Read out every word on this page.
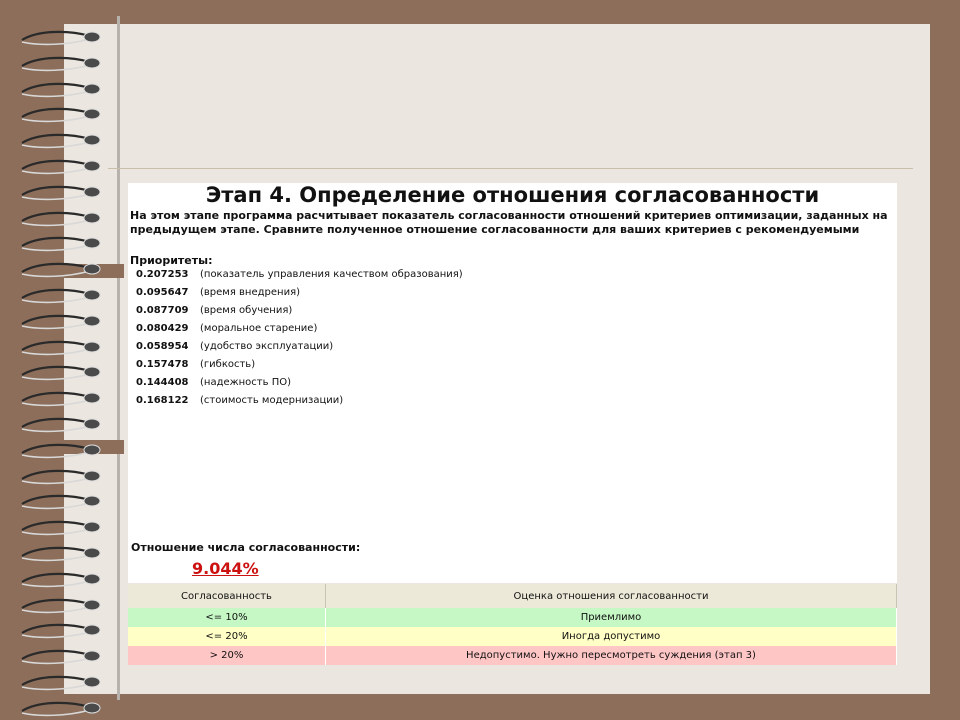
Этап 4. Определение отношения согласованности
На этом этапе программа расчитывает показатель согласованности отношений критериев оптимизации, заданных на предыдущем этапе. Сравните полученное отношение согласованности для ваших критериев с рекомендуемыми
Приоритеты:
0.207253 (показатель управления качеством образования)
0.095647 (время внедрения)
0.087709 (время обучения)
0.080429 (моральное старение)
0.058954 (удобство эксплуатации)
0.157478 (гибкость)
0.144408 (надежность ПО)
0.168122 (стоимость модернизации)
Отношение числа согласованности:
9.044%
Согласованность	Оценка отношения согласованности
<= 10%	Приемлимо
<= 20%	Иногда допустимо
> 20%	Недопустимо. Нужно пересмотреть суждения (этап 3)
